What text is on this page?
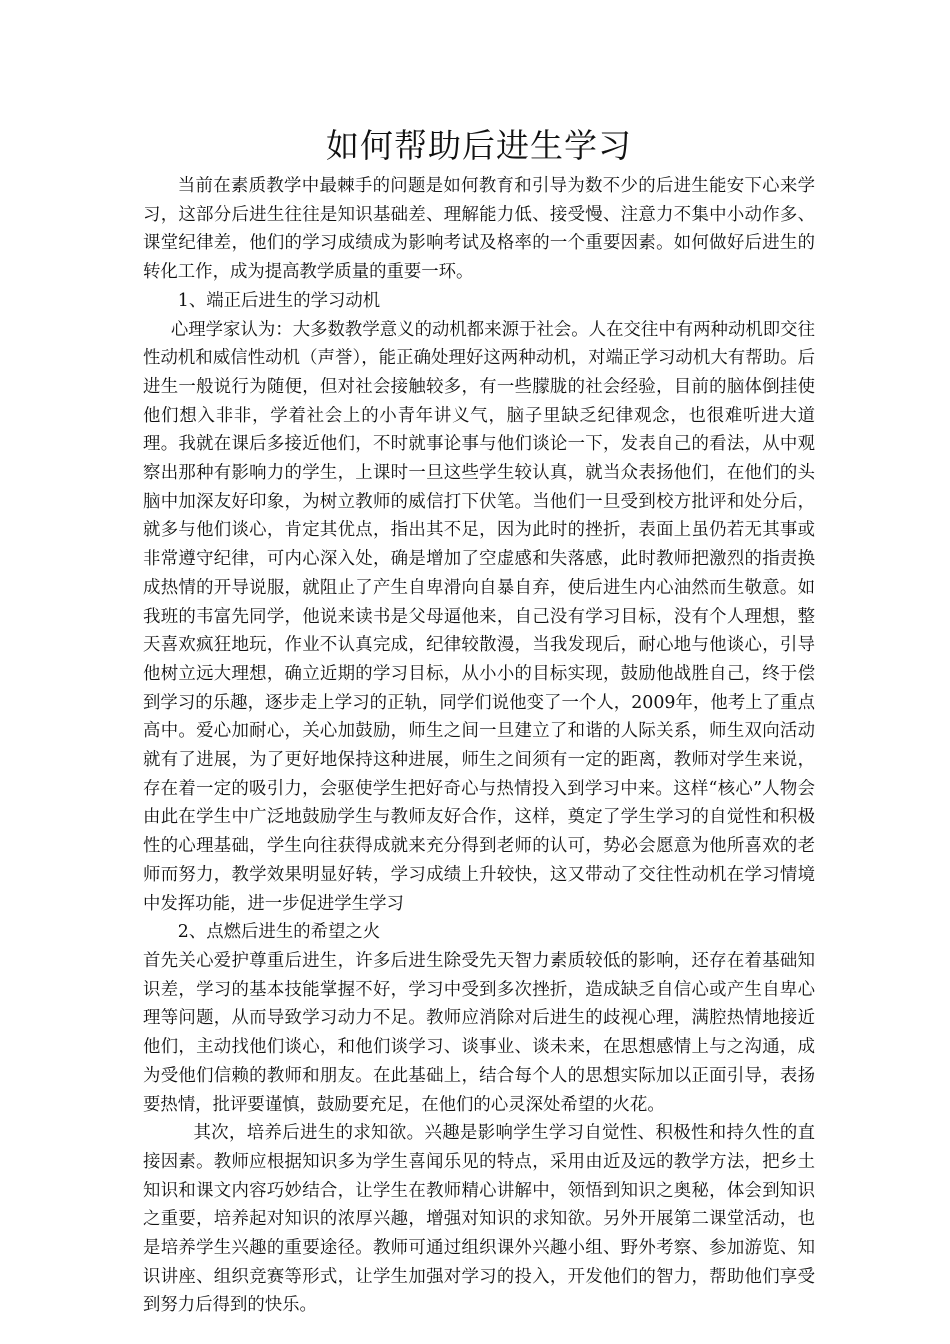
如何帮助后进生学习

当前在素质教学中最棘手的问题是如何教育和引导为数不少的后进生能安下心来学习，这部分后进生往往是知识基础差、理解能力低、接受慢、注意力不集中小动作多、课堂纪律差，他们的学习成绩成为影响考试及格率的一个重要因素。如何做好后进生的转化工作，成为提高教学质量的重要一环。

1、端正后进生的学习动机

心理学家认为：大多数教学意义的动机都来源于社会。人在交往中有两种动机即交往性动机和威信性动机（声誉），能正确处理好这两种动机，对端正学习动机大有帮助。后进生一般说行为随便，但对社会接触较多，有一些朦胧的社会经验，目前的脑体倒挂使他们想入非非，学着社会上的小青年讲义气，脑子里缺乏纪律观念，也很难听进大道理。我就在课后多接近他们，不时就事论事与他们谈论一下，发表自己的看法，从中观察出那种有影响力的学生，上课时一旦这些学生较认真，就当众表扬他们，在他们的头脑中加深友好印象，为树立教师的威信打下伏笔。当他们一旦受到校方批评和处分后，就多与他们谈心，肯定其优点，指出其不足，因为此时的挫折，表面上虽仍若无其事或非常遵守纪律，可内心深入处，确是增加了空虚感和失落感，此时教师把激烈的指责换成热情的开导说服，就阻止了产生自卑滑向自暴自弃，使后进生内心油然而生敬意。如我班的韦富先同学，他说来读书是父母逼他来，自己没有学习目标，没有个人理想，整天喜欢疯狂地玩，作业不认真完成，纪律较散漫，当我发现后，耐心地与他谈心，引导他树立远大理想，确立近期的学习目标，从小小的目标实现，鼓励他战胜自己，终于偿到学习的乐趣，逐步走上学习的正轨，同学们说他变了一个人，2009年，他考上了重点高中。爱心加耐心，关心加鼓励，师生之间一旦建立了和谐的人际关系，师生双向活动就有了进展，为了更好地保持这种进展，师生之间须有一定的距离，教师对学生来说，存在着一定的吸引力，会驱使学生把好奇心与热情投入到学习中来。这样“核心”人物会由此在学生中广泛地鼓励学生与教师友好合作，这样，奠定了学生学习的自觉性和积极性的心理基础，学生向往获得成就来充分得到老师的认可，势必会愿意为他所喜欢的老师而努力，教学效果明显好转，学习成绩上升较快，这又带动了交往性动机在学习情境中发挥功能，进一步促进学生学习

2、点燃后进生的希望之火

首先关心爱护尊重后进生，许多后进生除受先天智力素质较低的影响，还存在着基础知识差，学习的基本技能掌握不好，学习中受到多次挫折，造成缺乏自信心或产生自卑心理等问题，从而导致学习动力不足。教师应消除对后进生的歧视心理，满腔热情地接近他们，主动找他们谈心，和他们谈学习、谈事业、谈未来，在思想感情上与之沟通，成为受他们信赖的教师和朋友。在此基础上，结合每个人的思想实际加以正面引导，表扬要热情，批评要谨慎，鼓励要充足，在他们的心灵深处希望的火花。

其次，培养后进生的求知欲。兴趣是影响学生学习自觉性、积极性和持久性的直接因素。教师应根据知识多为学生喜闻乐见的特点，采用由近及远的教学方法，把乡土知识和课文内容巧妙结合，让学生在教师精心讲解中，领悟到知识之奥秘，体会到知识之重要，培养起对知识的浓厚兴趣，增强对知识的求知欲。另外开展第二课堂活动，也是培养学生兴趣的重要途径。教师可通过组织课外兴趣小组、野外考察、参加游览、知识讲座、组织竞赛等形式，让学生加强对学习的投入，开发他们的智力，帮助他们享受到努力后得到的快乐。
